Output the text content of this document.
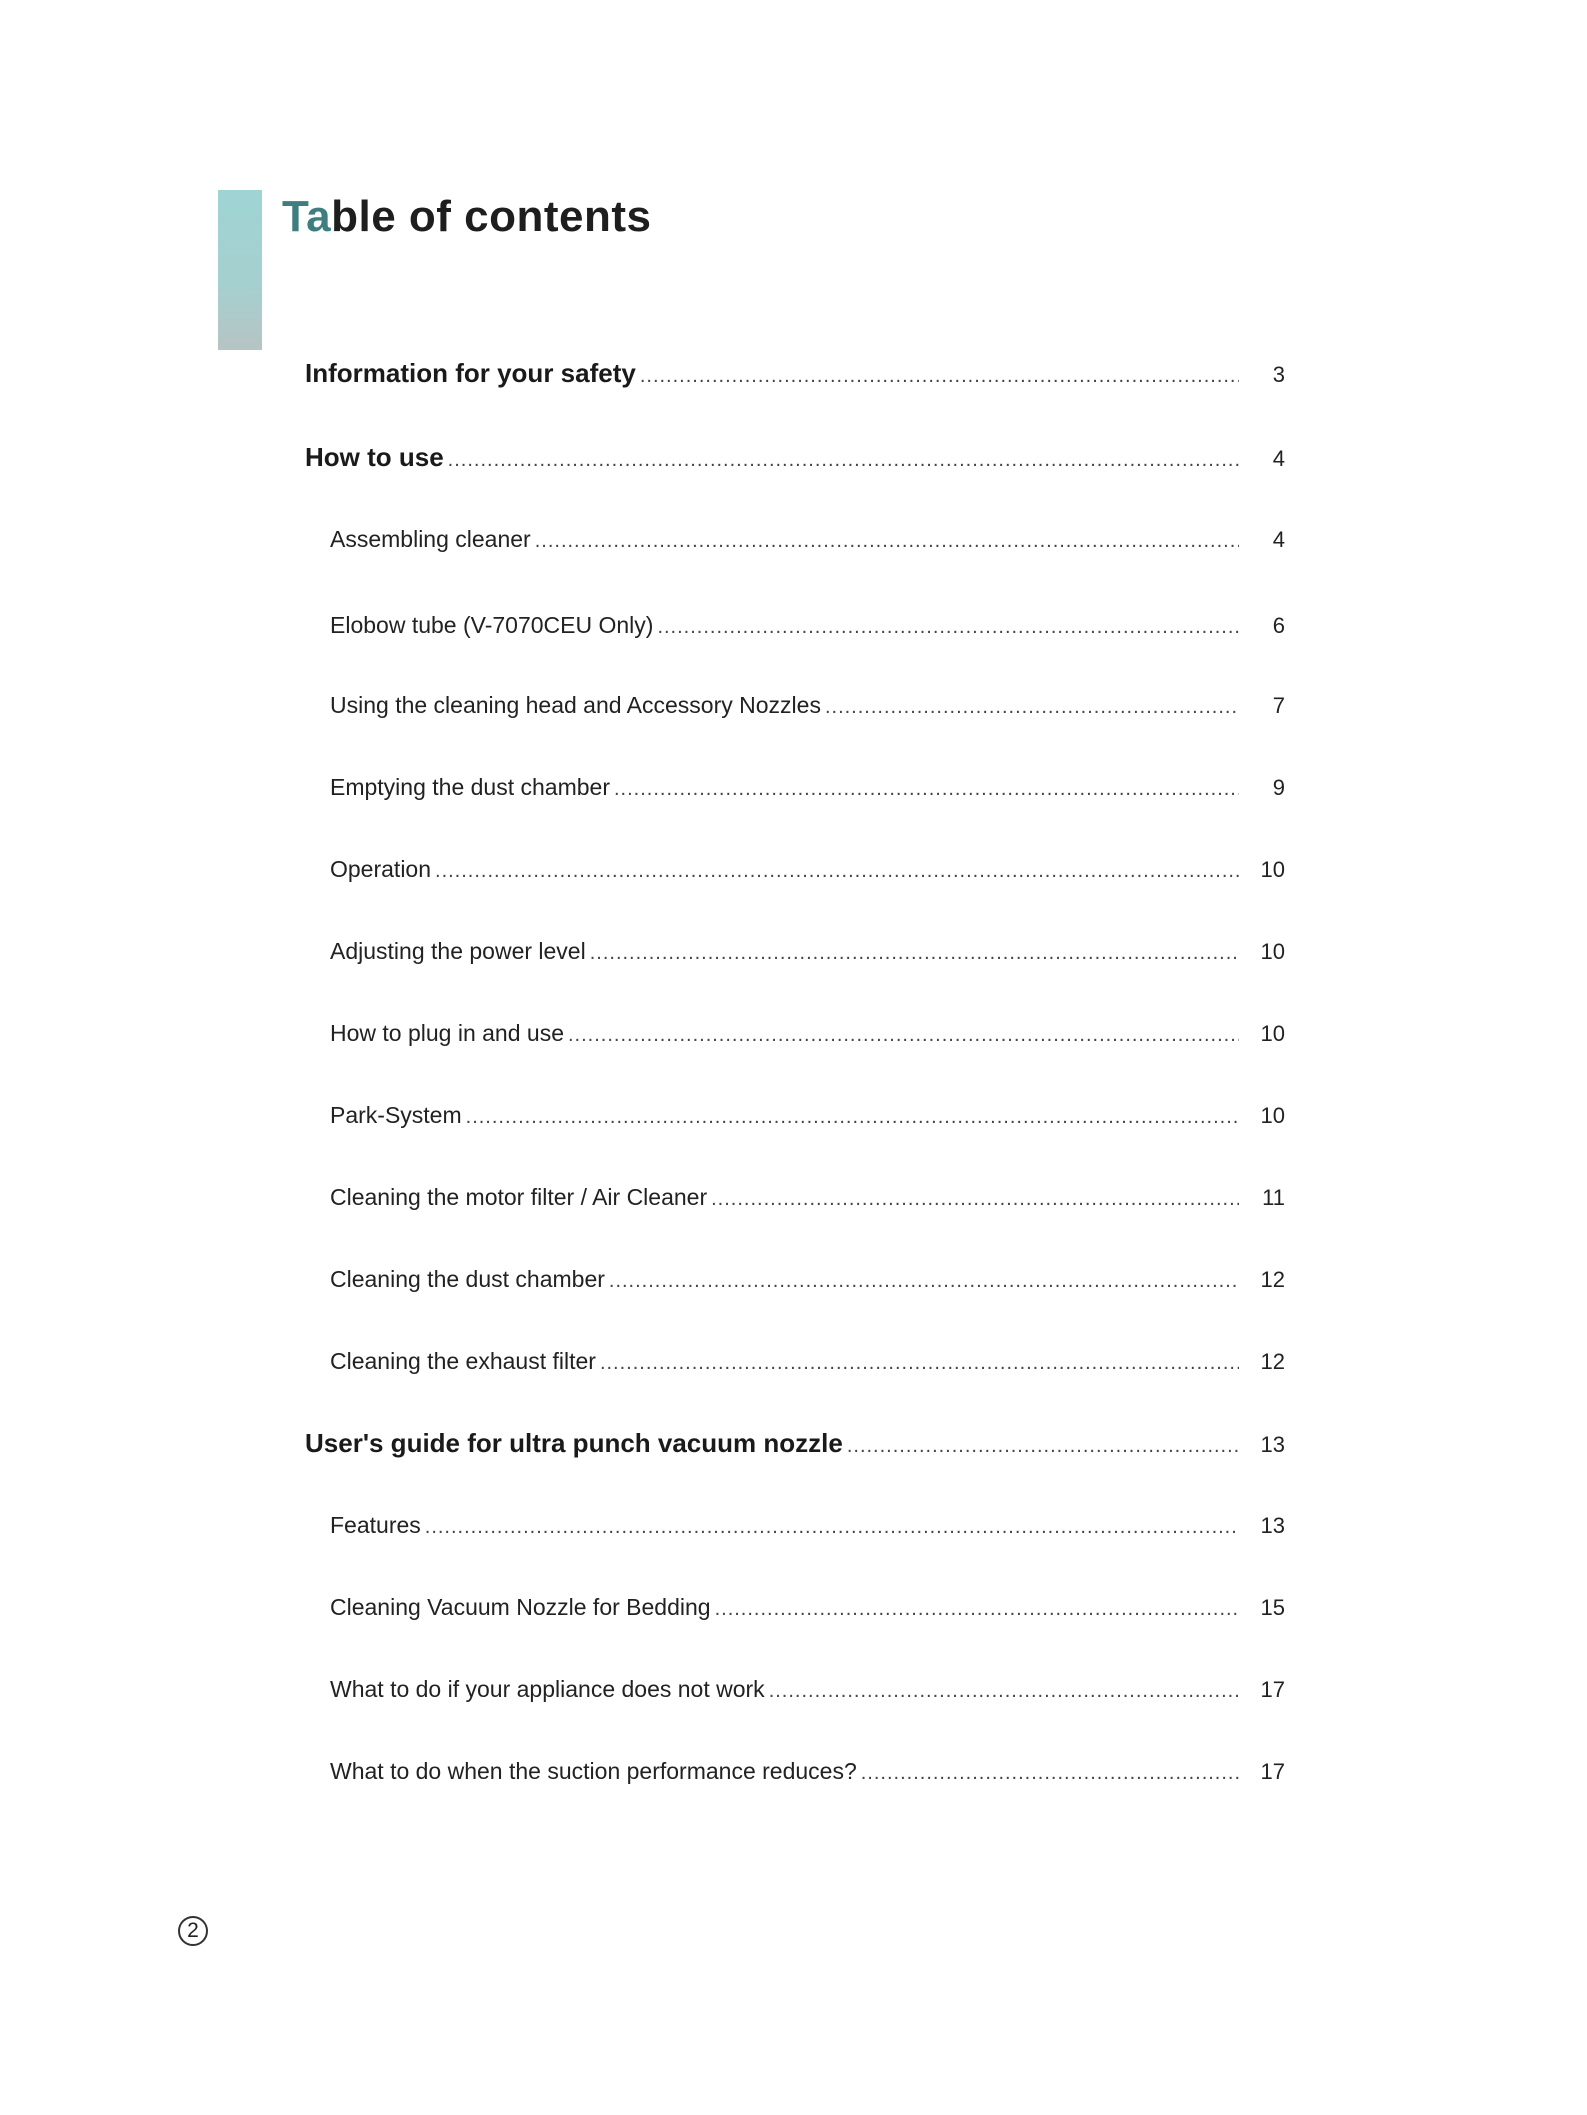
Table of contents
Information for your safety .....	3
How to use .....	4
Assembling cleaner .....	4
Elobow tube (V-7070CEU Only) .....	6
Using the cleaning head and Accessory Nozzles .....	7
Emptying the dust chamber .....	9
Operation .....	10
Adjusting the power level .....	10
How to plug in and use .....	10
Park-System .....	10
Cleaning the motor filter / Air Cleaner .....	11
Cleaning the dust chamber .....	12
Cleaning the exhaust filter .....	12
User's guide for ultra punch vacuum nozzle .....	13
Features .....	13
Cleaning Vacuum Nozzle for Bedding .....	15
What to do if your appliance does not work .....	17
What to do when the suction performance reduces? .....	17
2
